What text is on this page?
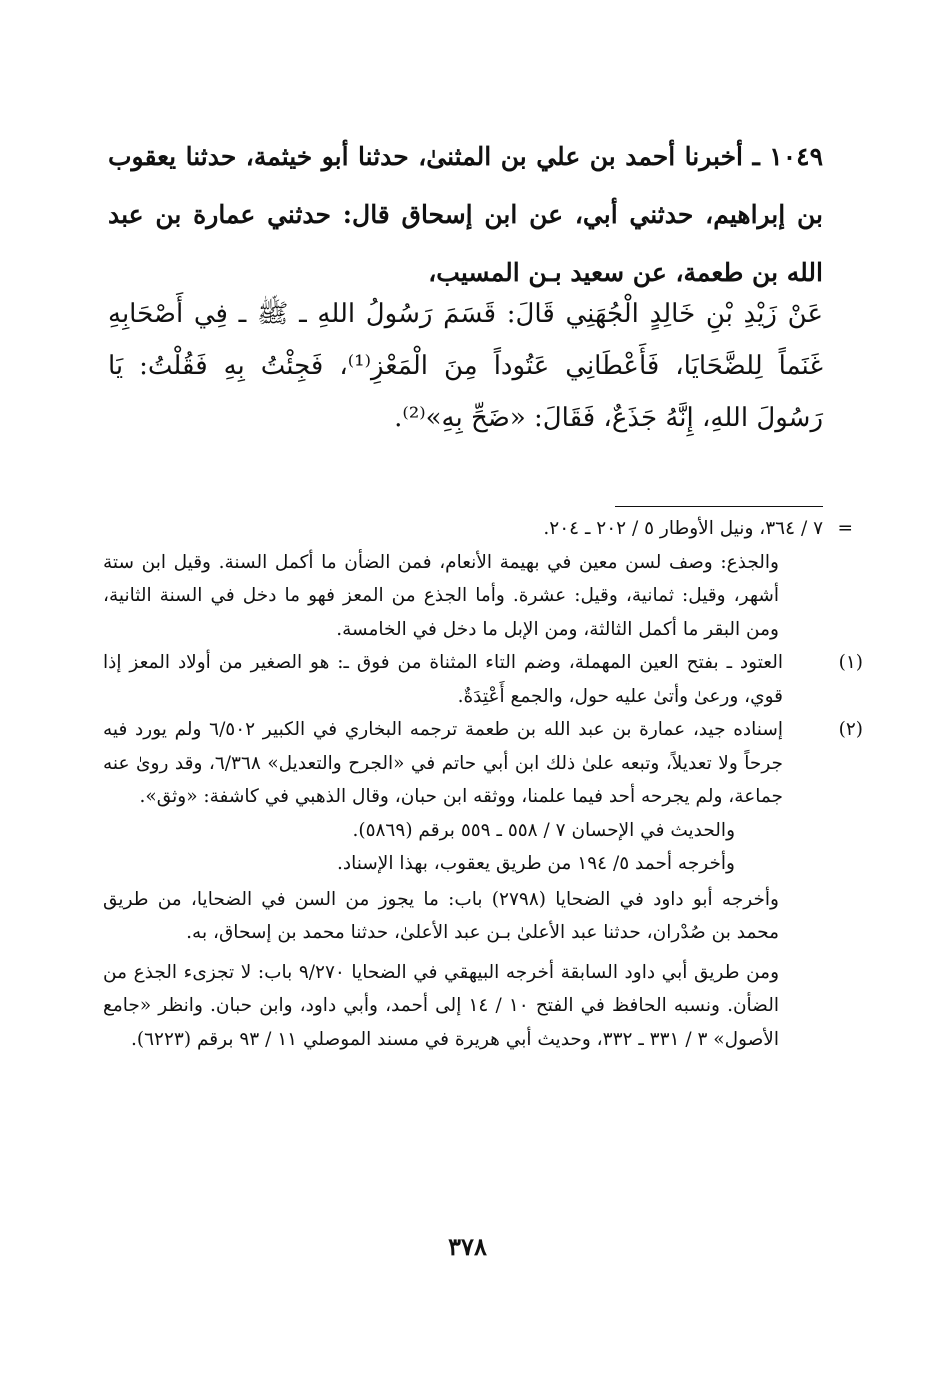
١٠٤٩ ـ أخبرنا أحمد بن علي بن المثنىٰ، حدثنا أبو خيثمة، حدثنا يعقوب بن إبراهيم، حدثني أبي، عن ابن إسحاق قال: حدثني عمارة بن عبد الله بن طعمة، عن سعيد بـن المسيب،

عَنْ زَيْدِ بْنِ خَالِدٍ الْجُهَنِي قَالَ: قَسَمَ رَسُولُ اللهِ ـ ﷺ ـ فِي أَصْحَابِهِ غَنَماً لِلضَّحَايَا، فَأَعْطَانِي عَتُوداً مِنَ الْمَعْزِ⁽¹⁾، فَجِئْتُ بِهِ فَقُلْتُ: يَا رَسُولَ اللهِ، إِنَّهُ جَذَعٌ، فَقَالَ: «ضَحِّ بِهِ»⁽²⁾.

=
٧ / ٣٦٤، ونيل الأوطار ٥ / ٢٠٢ ـ ٢٠٤.

والجذع: وصف لسن معين في بهيمة الأنعام، فمن الضأن ما أكمل السنة. وقيل ابن ستة أشهر، وقيل: ثمانية، وقيل: عشرة. وأما الجذع من المعز فهو ما دخل في السنة الثانية، ومن البقر ما أكمل الثالثة، ومن الإبل ما دخل في الخامسة.

(١)العتود ـ بفتح العين المهملة، وضم التاء المثناة من فوق ـ: هو الصغير من أولاد المعز إذا قوي، ورعىٰ وأتىٰ عليه حول، والجمع أَعْتِدَةٌ.

(٢)إسناده جيد، عمارة بن عبد الله بن طعمة ترجمه البخاري في الكبير ٦/٥٠٢ ولم يورد فيه جرحاً ولا تعديلاً، وتبعه علىٰ ذلك ابن أبي حاتم في «الجرح والتعديل» ٦/٣٦٨، وقد روىٰ عنه جماعة، ولم يجرحه أحد فيما علمنا، ووثقه ابن حبان، وقال الذهبي في كاشفة: «وثق».

والحديث في الإحسان ٧ / ٥٥٨ ـ ٥٥٩ برقم (٥٨٦٩).

وأخرجه أحمد ٥/ ١٩٤ من طريق يعقوب، بهذا الإسناد.

وأخرجه أبو داود في الضحايا (٢٧٩٨) باب: ما يجوز من السن في الضحايا، من طريق محمد بن صُدْران، حدثنا عبد الأعلىٰ بـن عبد الأعلىٰ، حدثنا محمد بن إسحاق، به.

ومن طريق أبي داود السابقة أخرجه البيهقي في الضحايا ٩/٢٧٠ باب: لا تجزىء الجذع من الضأن. ونسبه الحافظ في الفتح ١٠ / ١٤ إلى أحمد، وأبي داود، وابن حبان. وانظر «جامع الأصول» ٣ / ٣٣١ ـ ٣٣٢، وحديث أبي هريرة في مسند الموصلي ١١ / ٩٣ برقم (٦٢٢٣).

٣٧٨
